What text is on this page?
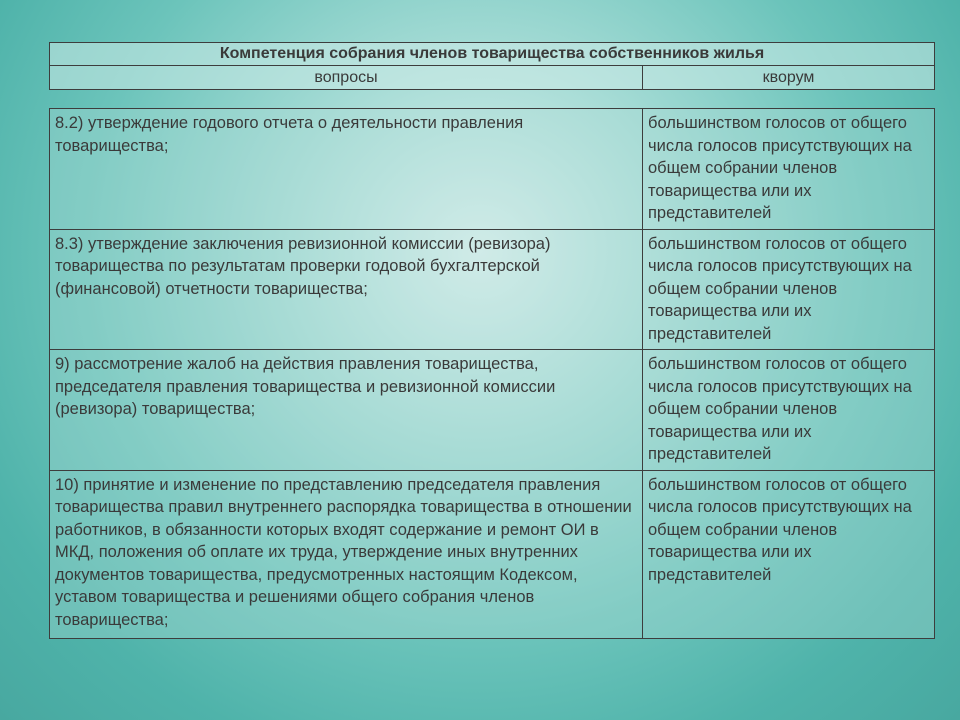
Компетенция собрания членов товарищества собственников жилья
вопросы	кворум
8.2) утверждение годового отчета о деятельности правления товарищества;	большинством голосов от общего числа голосов присутствующих на общем собрании членов товарищества или их представителей
8.3) утверждение заключения ревизионной комиссии (ревизора) товарищества по результатам проверки годовой бухгалтерской (финансовой) отчетности товарищества;	большинством голосов от общего числа голосов присутствующих на общем собрании членов товарищества или их представителей
9) рассмотрение жалоб на действия правления товарищества, председателя правления товарищества и ревизионной комиссии (ревизора) товарищества;	большинством голосов от общего числа голосов присутствующих на общем собрании членов товарищества или их представителей
10) принятие и изменение по представлению председателя правления товарищества правил внутреннего распорядка товарищества в отношении работников, в обязанности которых входят содержание и ремонт ОИ в МКД, положения об оплате их труда, утверждение иных внутренних документов товарищества, предусмотренных настоящим Кодексом, уставом товарищества и решениями общего собрания членов товарищества;	большинством голосов от общего числа голосов присутствующих на общем собрании членов товарищества или их представителей
